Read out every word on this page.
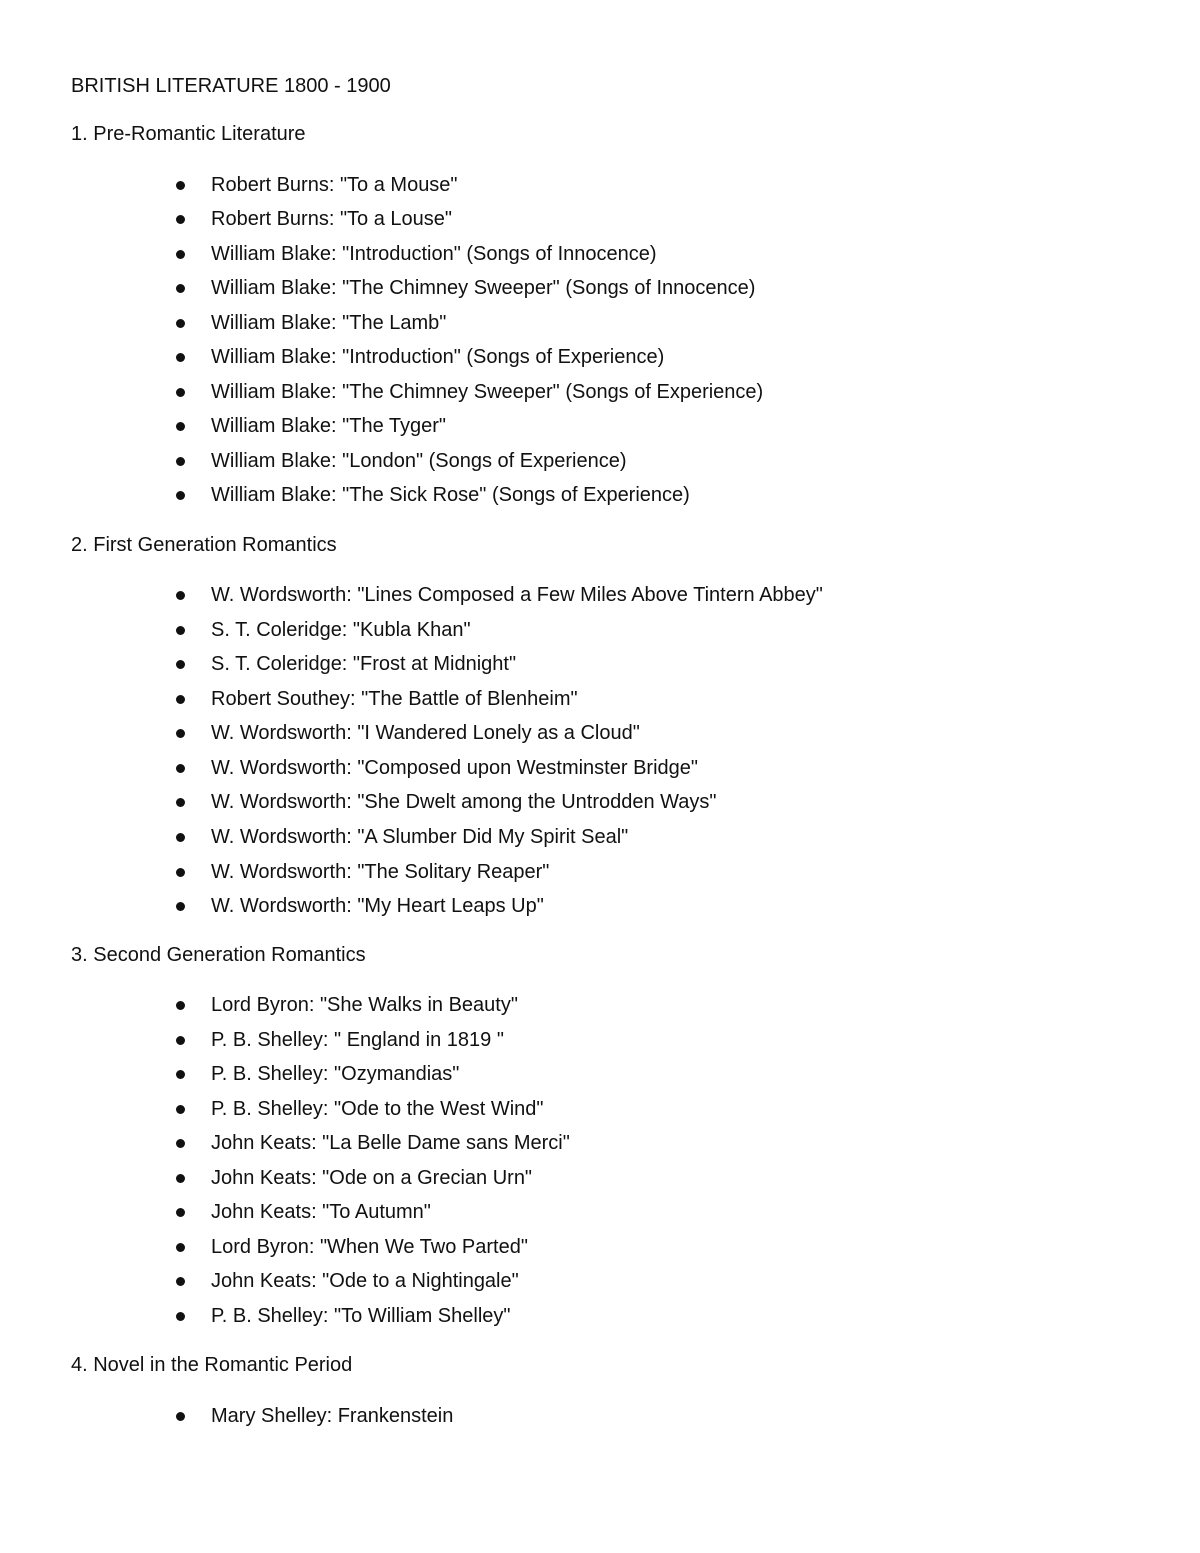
BRITISH LITERATURE 1800 - 1900
1. Pre-Romantic Literature
Robert Burns: "To a Mouse"
Robert Burns: "To a Louse"
William Blake: "Introduction" (Songs of Innocence)
William Blake: "The Chimney Sweeper" (Songs of Innocence)
William Blake: "The Lamb"
William Blake: "Introduction" (Songs of Experience)
William Blake: "The Chimney Sweeper" (Songs of Experience)
William Blake: "The Tyger"
William Blake: "London" (Songs of Experience)
William Blake: "The Sick Rose" (Songs of Experience)
2. First Generation Romantics
W. Wordsworth: "Lines Composed a Few Miles Above Tintern Abbey"
S. T. Coleridge: "Kubla Khan"
S. T. Coleridge: "Frost at Midnight"
Robert Southey: "The Battle of Blenheim"
W. Wordsworth: "I Wandered Lonely as a Cloud"
W. Wordsworth: "Composed upon Westminster Bridge"
W. Wordsworth: "She Dwelt among the Untrodden Ways"
W. Wordsworth: "A Slumber Did My Spirit Seal"
W. Wordsworth: "The Solitary Reaper"
W. Wordsworth: "My Heart Leaps Up"
3. Second Generation Romantics
Lord Byron: "She Walks in Beauty"
P. B. Shelley: " England in 1819 "
P. B. Shelley: "Ozymandias"
P. B. Shelley: "Ode to the West Wind"
John Keats: "La Belle Dame sans Merci"
John Keats: "Ode on a Grecian Urn"
John Keats: "To Autumn"
Lord Byron: "When We Two Parted"
John Keats: "Ode to a Nightingale"
P. B. Shelley: "To William Shelley"
4. Novel in the Romantic Period
Mary Shelley: Frankenstein
